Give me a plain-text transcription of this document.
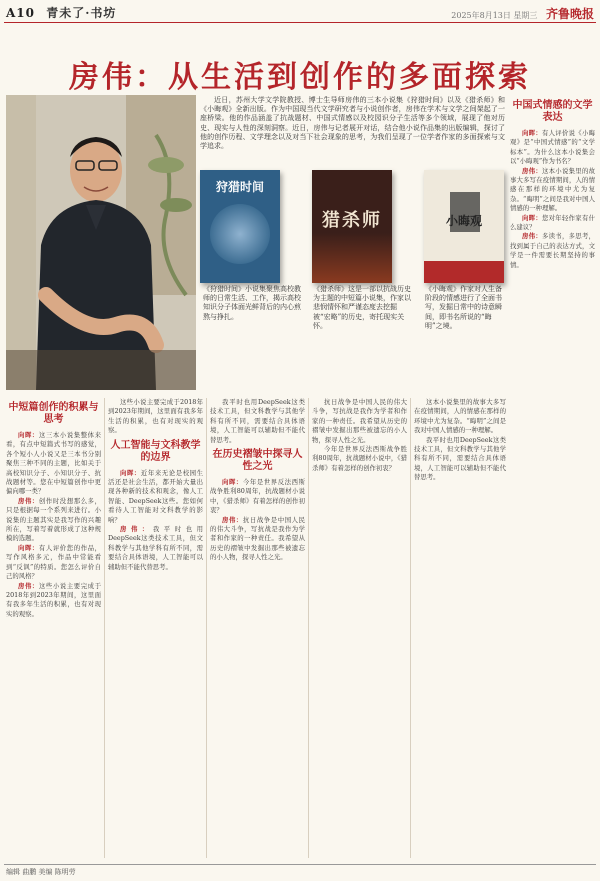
A10 青未了·书坊	2025年8月13日 星期三 齐鲁晚报
房伟：从生活到创作的多面探索
近日，苏州大学文学院教授、博士生导师房伟的三本小说集《狩猎时间》以及《猎杀师》和《小晦观》全新出版。作为中国现当代文学研究者与小说创作者，房伟在学术与文学之间架起了一座桥梁。他的作品涵盖了抗战题材、中国式情感以及校园识分子生活等多个领域，展现了他对历史、现实与人性的深刻洞察。近日，房伟与记者展开对话，结合他小说作品集的出版编辑，探讨了他的创作历程、文学理念以及对当下社会现象的思考，为我们呈现了一位学者作家的多面探索与文学追求。
狩猎时间
猎杀师	小晦观
《狩猎时间》小说集聚焦高校教师的日常生活、工作，揭示高校知识分子体面光鲜背后的内心煎熬与挣扎。
《猎杀师》这是一部以抗战历史为主题的中短篇小说集，作家以悲悯情怀和严谨态度去挖掘被“宏略”的历史，寄托现实关怀。
《小晦观》作家对人生备阶段的情感进行了全面书写，发掘日常中的诗意瞬间，即书名所说的“晦明”之境。
中国式情感的文学表达

向晖：有人评价说《小晦观》是“中国式情感”的“文学标本”。为什么这本小说集会以“小晦观”作为书名？

房伟：这本小说集里的故事大多写在疫情期间，人的情感在那样的环境中尤为复杂。“晦明”之间是我对中国人情感的一种理解。

向晖：您对年轻作家有什么建议？

房伟：多读书，多思考，找到属于自己的表达方式，文学是一件需要长期坚持的事情。

中短篇创作的积累与思考

向晖：这三本小说集整体来看，有点中短篇式书写的感觉，各个短小人小说又是三本书分别聚焦三种不同的主题，比如关于高校知识分子、小知识分子、抗战题材等。您在中短篇创作中更偏向哪一类？

房伟：创作时没想那么多，只是根据每一个系列来进行。小说集的主题其实是我写作的兴趣所在，写着写着就形成了这种规模的选题。

向晖：有人评价您的作品，写作风格多元，作品中常能看到“反讽”的特质。您怎么评价自己的风格？

房伟：这些小说主要完成于2018年到2023年期间，这里面有我多年生活的积累，也有对现实的观察。

这些小说主要完成于2018年到2023年期间，这里面有我多年生活的积累，也有对现实的观察。

人工智能与文科教学的边界

向晖：近年来无论是校园生活还是社会生活，都开始大量出现各种新的技术和观念，像人工智能、DeepSeek这些。您如何看待人工智能对文科教学的影响？

房伟：我平时也用DeepSeek这类技术工具，但文科教学与其他学科有所不同，需要结合具体语境，人工智能可以辅助但不能代替思考。

我平时也用DeepSeek这类技术工具，但文科教学与其他学科有所不同，需要结合具体语境，人工智能可以辅助但不能代替思考。

在历史褶皱中探寻人性之光

向晖：今年是世界反法西斯战争胜利80周年，抗战题材小说中，《猎杀师》有着怎样的创作初衷？

房伟：抗日战争是中国人民的伟大斗争，写抗战是我作为学者和作家的一种责任。我希望从历史的褶皱中发掘出那些被遗忘的小人物，探寻人性之光。

抗日战争是中国人民的伟大斗争，写抗战是我作为学者和作家的一种责任。我希望从历史的褶皱中发掘出那些被遗忘的小人物，探寻人性之光。

今年是世界反法西斯战争胜利80周年，抗战题材小说中，《猎杀师》有着怎样的创作初衷？

这本小说集里的故事大多写在疫情期间，人的情感在那样的环境中尤为复杂。“晦明”之间是我对中国人情感的一种理解。

我平时也用DeepSeek这类技术工具，但文科教学与其他学科有所不同，需要结合具体语境，人工智能可以辅助但不能代替思考。

编辑 曲鹏 美编 陈明劳
